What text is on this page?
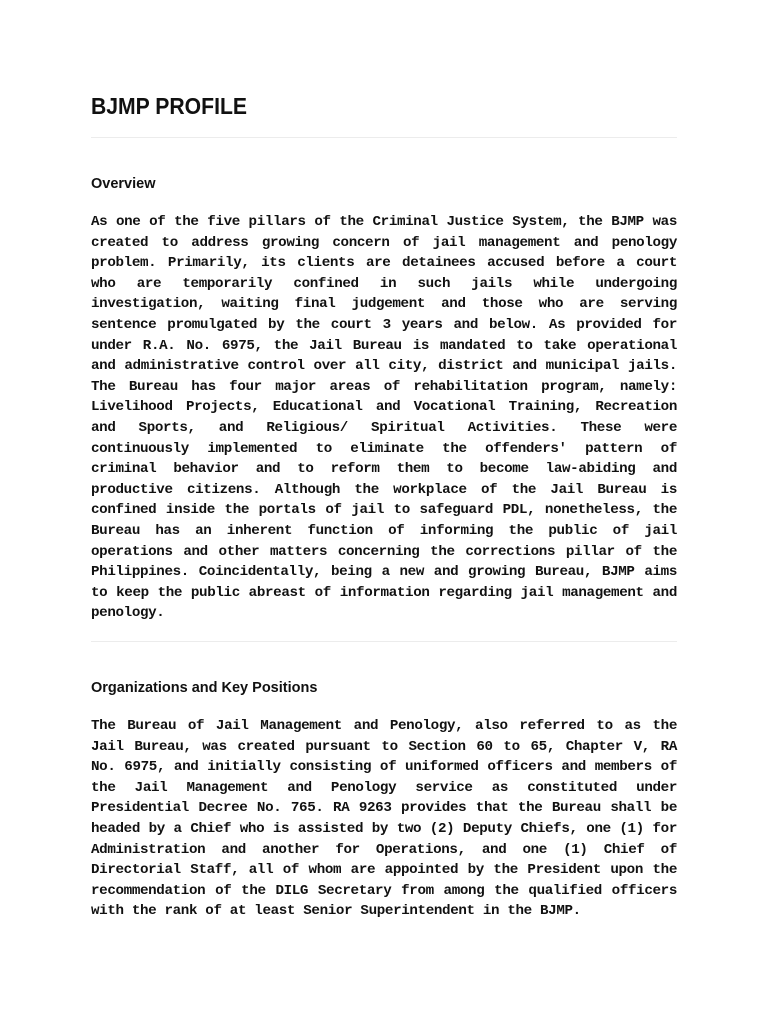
BJMP PROFILE
Overview

As one of the five pillars of the Criminal Justice System, the BJMP was created to address growing concern of jail management and penology problem. Primarily, its clients are detainees accused before a court who are temporarily confined in such jails while undergoing investigation, waiting final judgement and those who are serving sentence promulgated by the court 3 years and below. As provided for under R.A. No. 6975, the Jail Bureau is mandated to take operational and administrative control over all city, district and municipal jails. The Bureau has four major areas of rehabilitation program, namely: Livelihood Projects, Educational and Vocational Training, Recreation and Sports, and Religious/ Spiritual Activities. These were continuously implemented to eliminate the offenders' pattern of criminal behavior and to reform them to become law-abiding and productive citizens. Although the workplace of the Jail Bureau is confined inside the portals of jail to safeguard PDL, nonetheless, the Bureau has an inherent function of informing the public of jail operations and other matters concerning the corrections pillar of the Philippines. Coincidentally, being a new and growing Bureau, BJMP aims to keep the public abreast of information regarding jail management and penology.

Organizations and Key Positions

The Bureau of Jail Management and Penology, also referred to as the Jail Bureau, was created pursuant to Section 60 to 65, Chapter V, RA No. 6975, and initially consisting of uniformed officers and members of the Jail Management and Penology service as constituted under Presidential Decree No. 765. RA 9263 provides that the Bureau shall be headed by a Chief who is assisted by two (2) Deputy Chiefs, one (1) for Administration and another for Operations, and one (1) Chief of Directorial Staff, all of whom are appointed by the President upon the recommendation of the DILG Secretary from among the qualified officers with the rank of at least Senior Superintendent in the BJMP.
